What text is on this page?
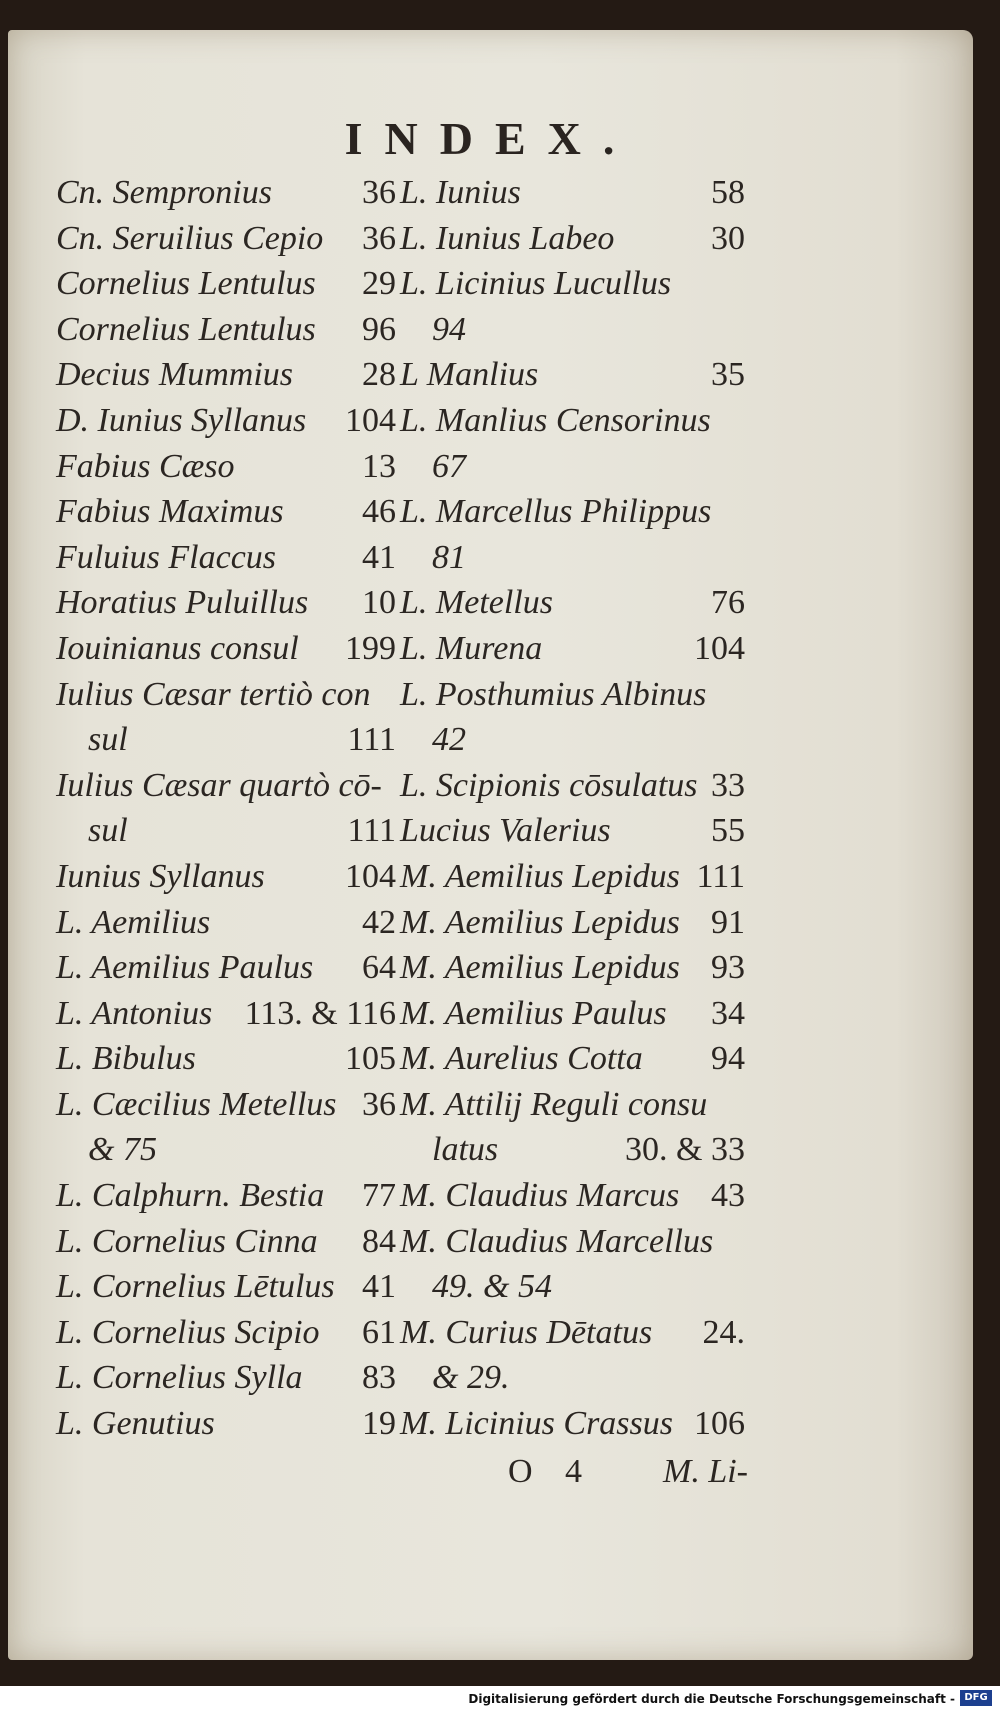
INDEX.
Cn. Sempronius	36
Cn. Seruilius Cepio 36
Cornelius Lentulus 29
Cornelius Lentulus 96
Decius Mummius 28
D. Iunius Syllanus 104
Fabius Cæso	13
Fabius Maximus 46
Fuluius Flaccus	41
Horatius Puluillus 10
Iouinianus consul 199
Iulius Cæsar tertiò con
sul	111
Iulius Cæsar quartò cō-
sul	111
Iunius Syllanus 104
L. Aemilius	42
L. Aemilius Paulus 64
L. Antonius 113. & 116
L. Bibulus	105
L. Cæcilius Metellus 36
& 75
L. Calphurn. Bestia 77
L. Cornelius Cinna 84
L. Cornelius Lētulus 41
L. Cornelius Scipio 61
L. Cornelius Sylla 83
L. Genutius	19
L. Iunius	58
L. Iunius Labeo	30
L. Licinius Lucullus
94
L Manlius	35
L. Manlius Censorinus
67
L. Marcellus Philippus
81
L. Metellus	76
L. Murena	104
L. Posthumius Albinus
42
L. Scipionis cōsulatus 33
Lucius Valerius	55
M. Aemilius Lepidus 111
M. Aemilius Lepidus 91
M. Aemilius Lepidus 93
M. Aemilius Paulus 34
M. Aurelius Cotta 94
M. Attilij Reguli consu
latus	30. & 33
M. Claudius Marcus 43
M. Claudius Marcellus
49. & 54
M. Curius Dētatus 24.
& 29.
M. Licinius Crassus 106
O 4 M. Li-
Digitalisierung gefördert durch die Deutsche Forschungsgemeinschaft - DFG
